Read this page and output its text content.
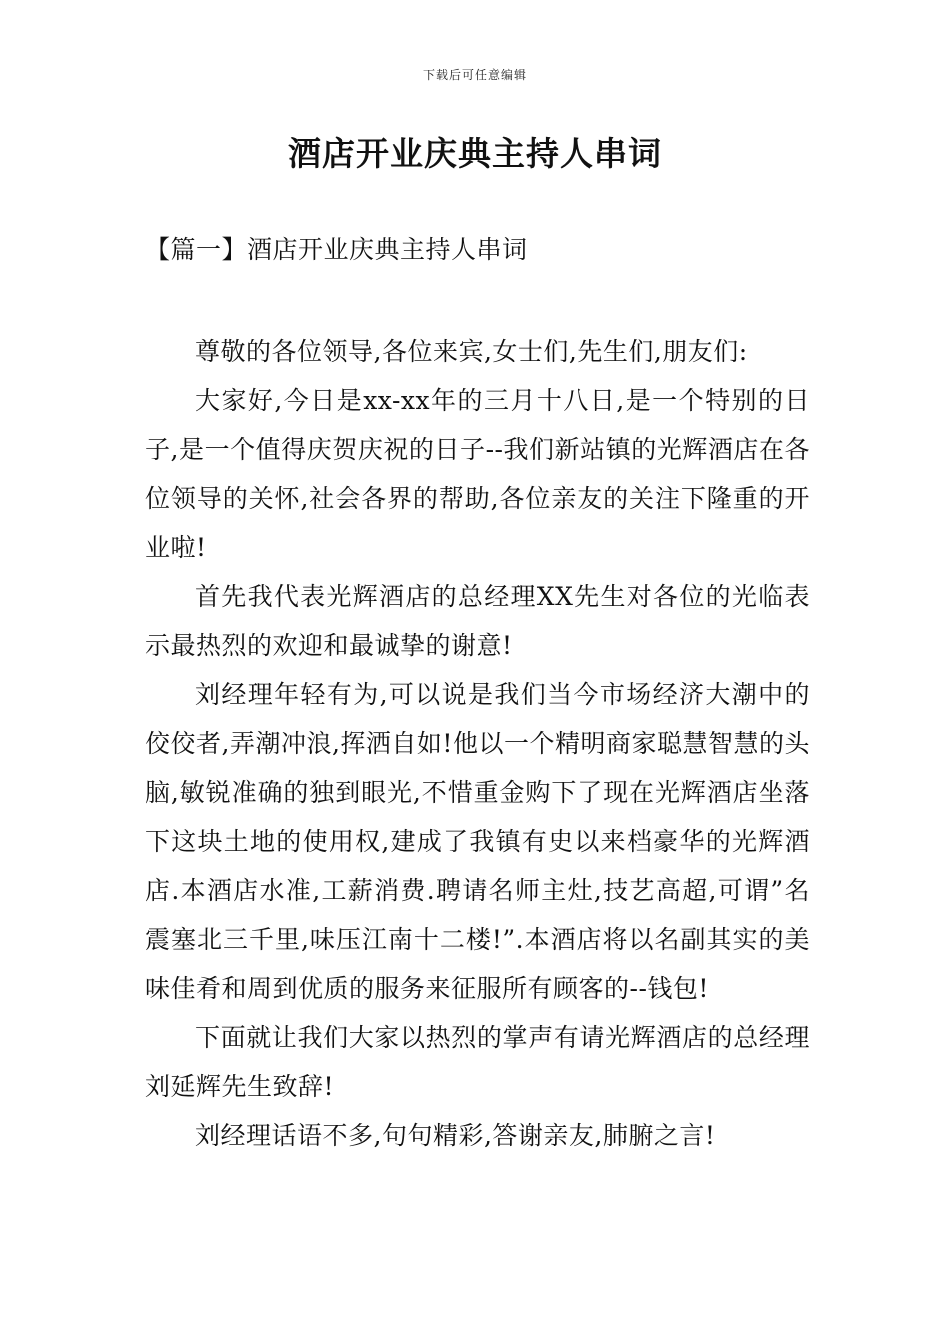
下载后可任意编辑
酒店开业庆典主持人串词
【篇一】酒店开业庆典主持人串词

尊敬的各位领导,各位来宾,女士们,先生们,朋友们:

大家好,今日是xx-xx年的三月十八日,是一个特别的日子,是一个值得庆贺庆祝的日子--我们新站镇的光辉酒店在各位领导的关怀,社会各界的帮助,各位亲友的关注下隆重的开业啦!

首先我代表光辉酒店的总经理XX先生对各位的光临表示最热烈的欢迎和最诚挚的谢意!

刘经理年轻有为,可以说是我们当今市场经济大潮中的佼佼者,弄潮冲浪,挥洒自如!他以一个精明商家聪慧智慧的头脑,敏锐准确的独到眼光,不惜重金购下了现在光辉酒店坐落下这块土地的使用权,建成了我镇有史以来档豪华的光辉酒店.本酒店水准,工薪消费.聘请名师主灶,技艺高超,可谓”名震塞北三千里,味压江南十二楼!”.本酒店将以名副其实的美味佳肴和周到优质的服务来征服所有顾客的--钱包!

下面就让我们大家以热烈的掌声有请光辉酒店的总经理刘延辉先生致辞!

刘经理话语不多,句句精彩,答谢亲友,肺腑之言!
